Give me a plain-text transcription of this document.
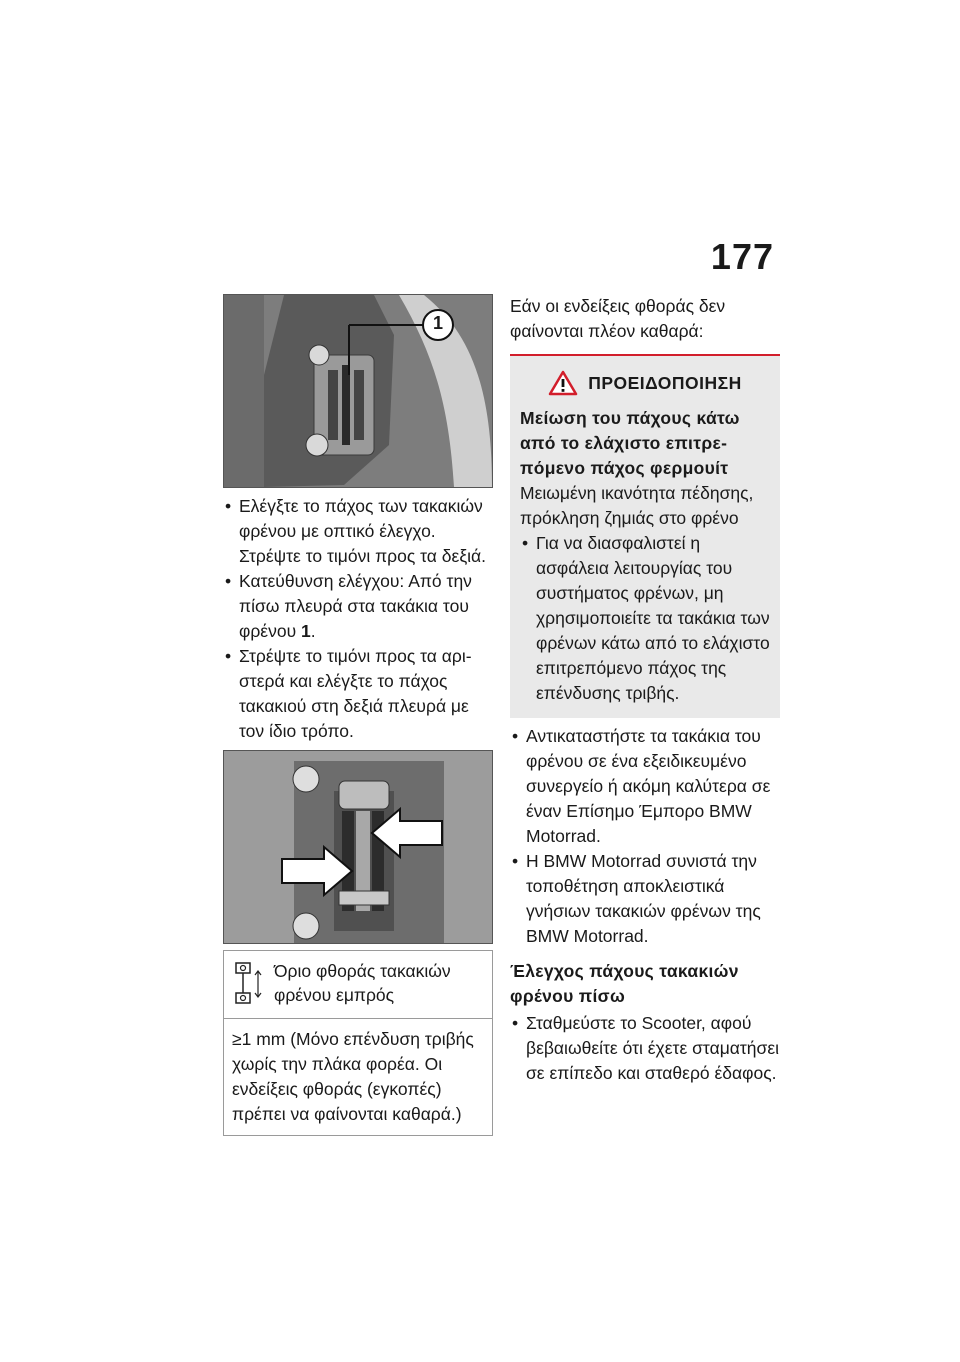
177
1
• Ελέγξτε το πάχος των τακακιών φρένου με οπτικό έλεγχο. Στρέψτε το τιμόνι προς τα δεξιά.
• Κατεύθυνση ελέγχου: Από την πίσω πλευρά στα τακάκια του φρένου 1.
• Στρέψτε το τιμόνι προς τα αριστερά και ελέγξτε το πάχος τακακιού στη δεξιά πλευρά με τον ίδιο τρόπο.
Όριο φθοράς τακακιών φρένου εμπρός
≥1 mm (Μόνο επένδυση τριβής χωρίς την πλάκα φορέα. Οι ενδείξεις φθοράς (εγκοπές) πρέπει να φαίνονται καθαρά.)

Εάν οι ενδείξεις φθοράς δεν φαίνονται πλέον καθαρά:

ΠΡΟΕΙΔΟΠΟΙΗΣΗ

Μείωση του πάχους κάτω από το ελάχιστο επιτρεπόμενο πάχος φερμουίτ

Μειωμένη ικανότητα πέδησης, πρόκληση ζημιάς στο φρένο

• Για να διασφαλιστεί η ασφάλεια λειτουργίας του συστήματος φρένων, μη χρησιμοποιείτε τα τακάκια των φρένων κάτω από το ελάχιστο επιτρεπόμενο πάχος της επένδυσης τριβής.
• Αντικαταστήστε τα τακάκια του φρένου σε ένα εξειδικευμένο συνεργείο ή ακόμη καλύτερα σε έναν Επίσημο Έμπορο BMW Motorrad.
• Η BMW Motorrad συνιστά την τοποθέτηση αποκλειστικά γνήσιων τακακιών φρένων της BMW Motorrad.
Έλεγχος πάχους τακακιών φρένου πίσω
• Σταθμεύστε το Scooter, αφού βεβαιωθείτε ότι έχετε σταματήσει σε επίπεδο και σταθερό έδαφος.
